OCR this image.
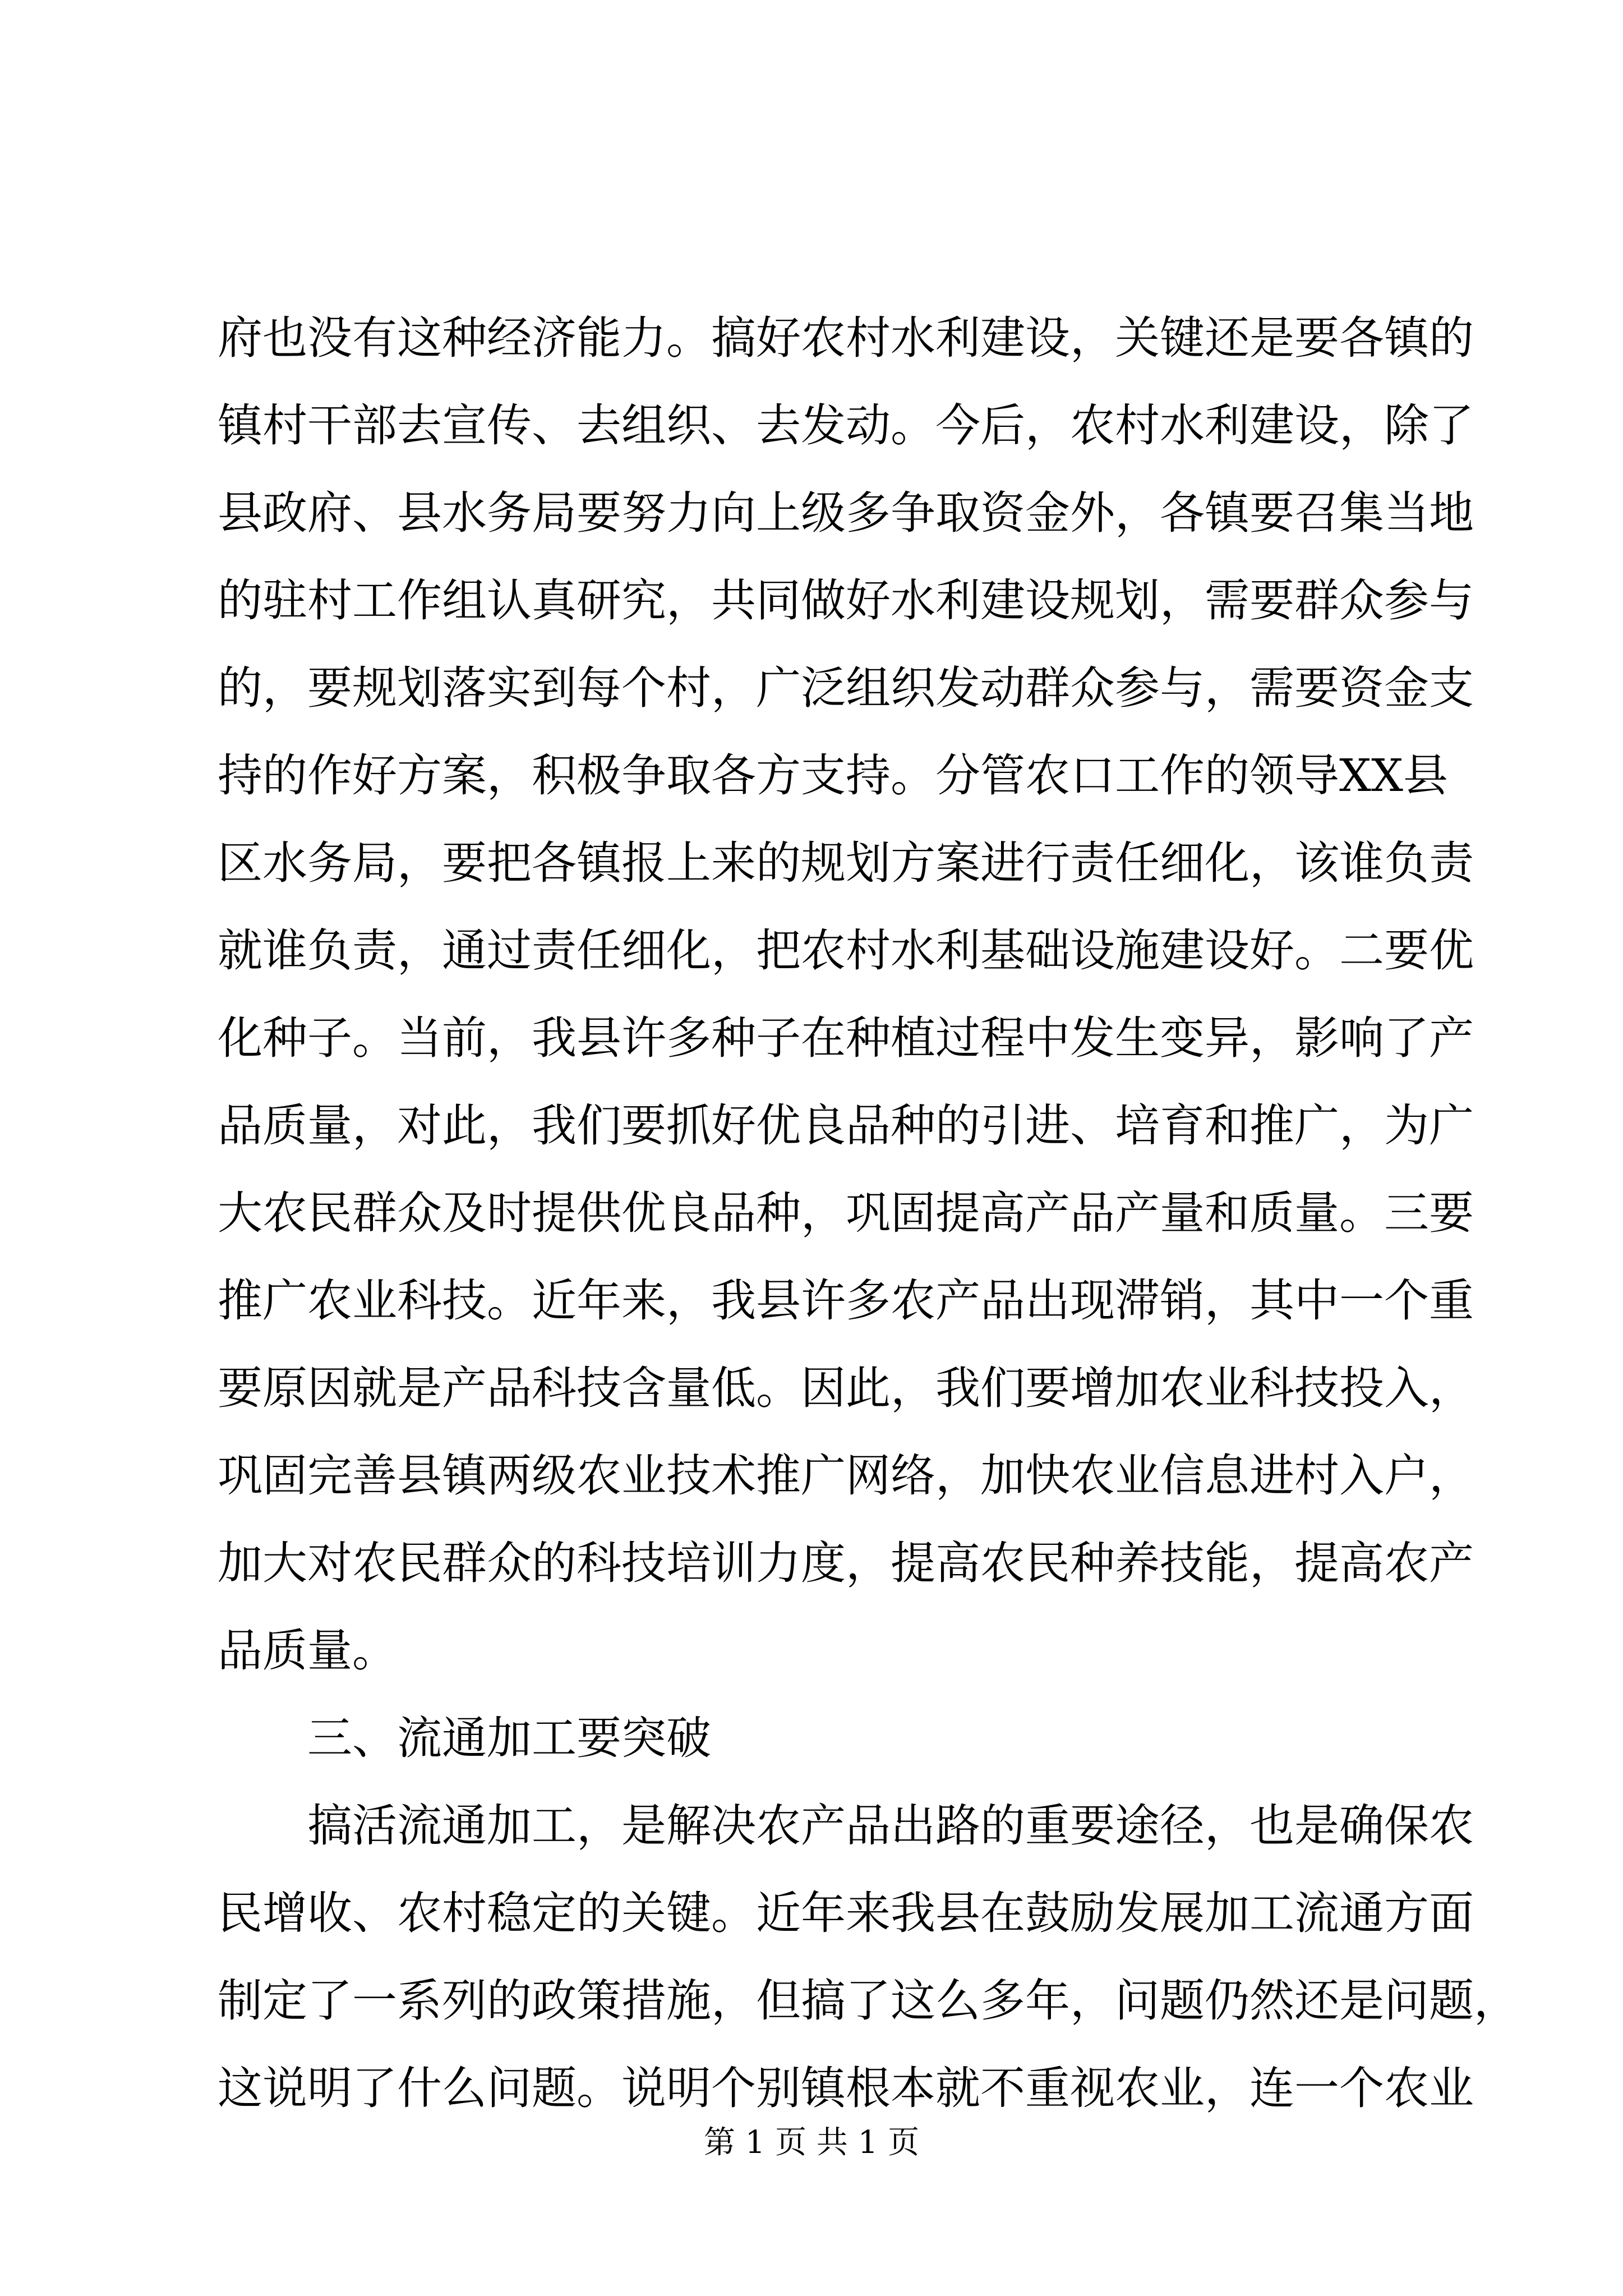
府也没有这种经济能力。搞好农村水利建设，关键还是要各镇的
镇村干部去宣传、去组织、去发动。今后，农村水利建设，除了
县政府、县水务局要努力向上级多争取资金外，各镇要召集当地
的驻村工作组认真研究，共同做好水利建设规划，需要群众参与
的，要规划落实到每个村，广泛组织发动群众参与，需要资金支
持的作好方案，积极争取各方支持。分管农口工作的领导XX县
区水务局，要把各镇报上来的规划方案进行责任细化，该谁负责
就谁负责，通过责任细化，把农村水利基础设施建设好。二要优
化种子。当前，我县许多种子在种植过程中发生变异，影响了产
品质量，对此，我们要抓好优良品种的引进、培育和推广，为广
大农民群众及时提供优良品种，巩固提高产品产量和质量。三要
推广农业科技。近年来，我县许多农产品出现滞销，其中一个重
要原因就是产品科技含量低。因此，我们要增加农业科技投入，
巩固完善县镇两级农业技术推广网络，加快农业信息进村入户，
加大对农民群众的科技培训力度，提高农民种养技能，提高农产
品质量。
三、流通加工要突破
搞活流通加工，是解决农产品出路的重要途径，也是确保农
民增收、农村稳定的关键。近年来我县在鼓励发展加工流通方面
制定了一系列的政策措施，但搞了这么多年，问题仍然还是问题，
这说明了什么问题。说明个别镇根本就不重视农业，连一个农业
第 1 页 共 1 页
